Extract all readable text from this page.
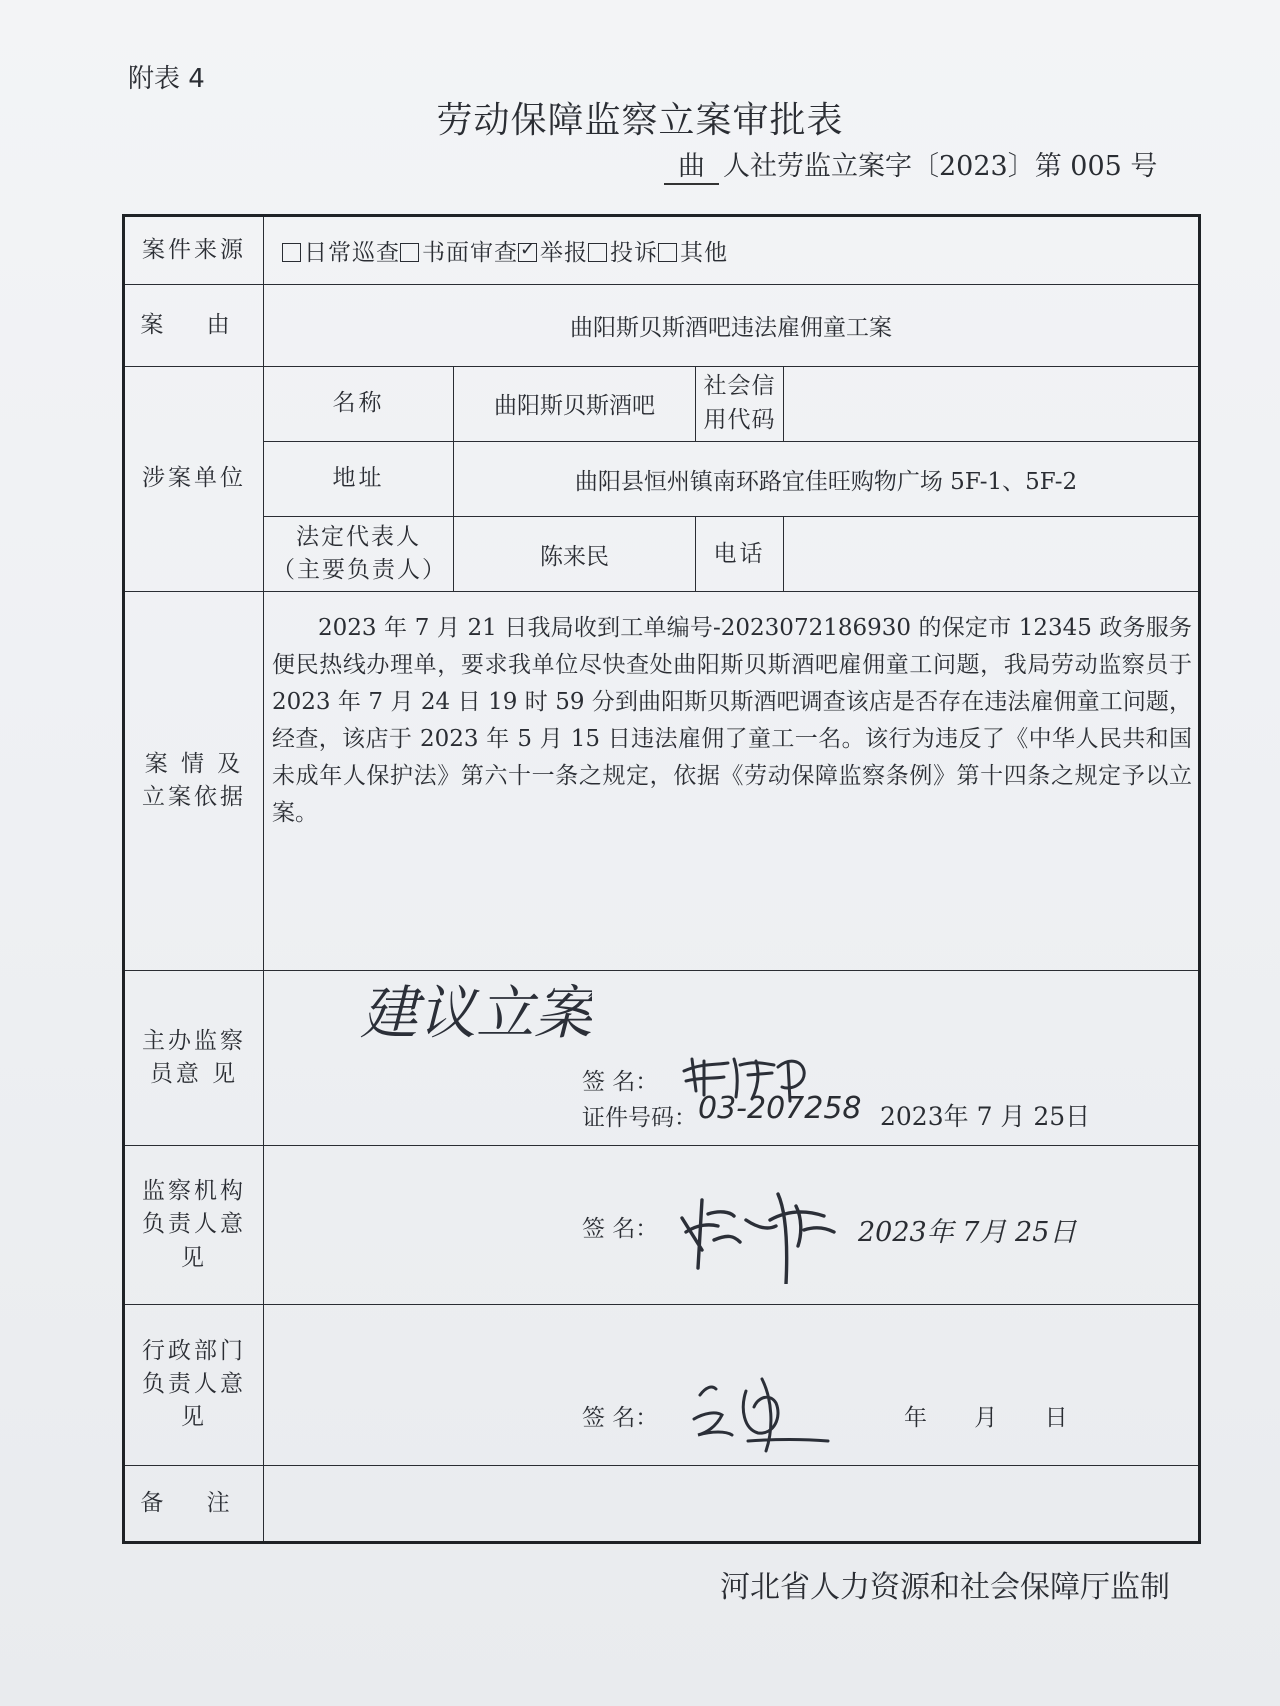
附表 4
劳动保障监察立案审批表
曲 人社劳监立案字〔2023〕第 005 号
案件来源	日常巡查 书面审查 ✓ 举报 投诉 其他
案 由	曲阳斯贝斯酒吧违法雇佣童工案			
涉案单位	名称	曲阳斯贝斯酒吧	社会信用代码	
	地址	曲阳县恒州镇南环路宜佳旺购物广场 5F-1、5F-2		
	法定代表人（主要负责人）	陈来民	电话	
案 情 及 立案依据	2023 年 7 月 21 日我局收到工单编号-2023072186930 的保定市 12345 政务服务便民热线办理单，要求我单位尽快查处曲阳斯贝斯酒吧雇佣童工问题，我局劳动监察员于 2023 年 7 月 24 日 19 时 59 分到曲阳斯贝斯酒吧调查该店是否存在违法雇佣童工问题，经查，该店于 2023 年 5 月 15 日违法雇佣了童工一名。该行为违反了《中华人民共和国未成年人保护法》第六十一条之规定，依据《劳动保障监察条例》第十四条之规定予以立案。			

主办监察员意 见	建议立案
签 名：
证件号码： 03-207258 2023年 7 月 25日			

监察机构负责人意见	签 名： 2023年 7月 25日			

行政部门负责人意见	签 名： 年 月 日			

备 注				
河北省人力资源和社会保障厅监制
